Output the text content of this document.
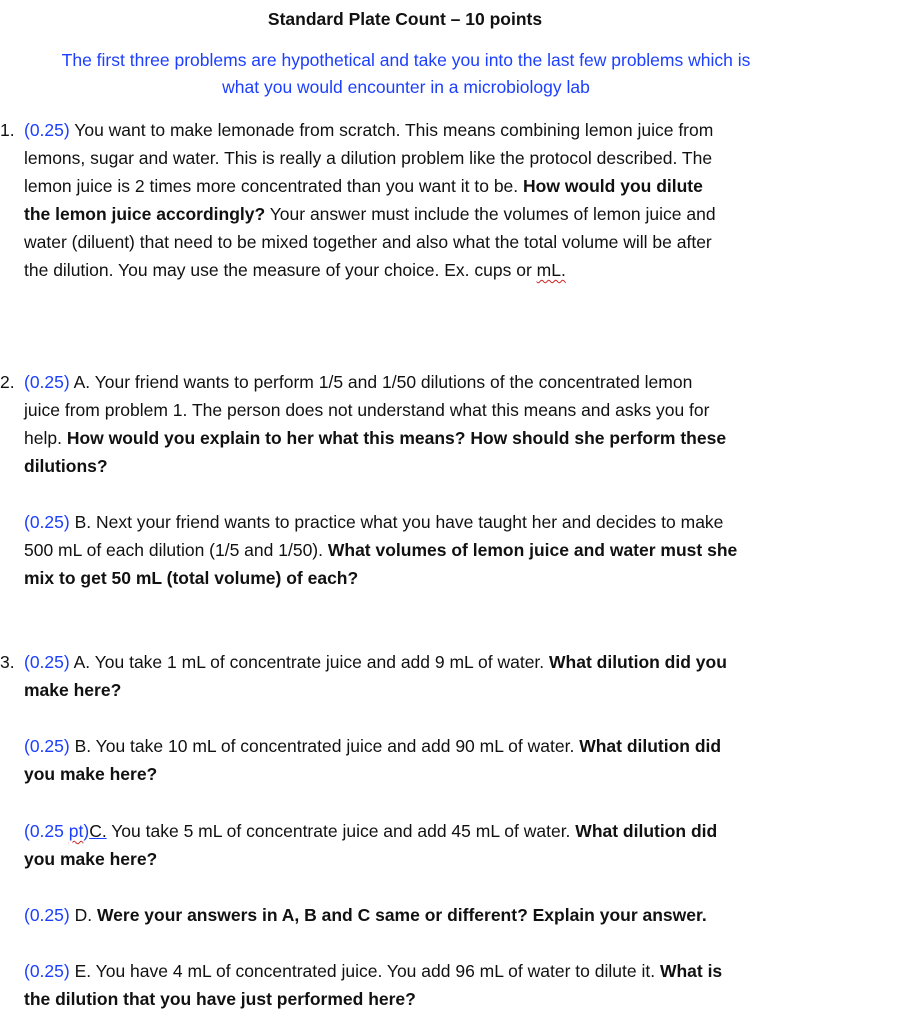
Standard Plate Count – 10 points
The first three problems are hypothetical and take you into the last few problems which is
what you would encounter in a microbiology lab
1. (0.25) You want to make lemonade from scratch. This means combining lemon juice from
lemons, sugar and water. This is really a dilution problem like the protocol described. The
lemon juice is 2 times more concentrated than you want it to be. How would you dilute
the lemon juice accordingly? Your answer must include the volumes of lemon juice and
water (diluent) that need to be mixed together and also what the total volume will be after
the dilution. You may use the measure of your choice. Ex. cups or mL.
2. (0.25) A. Your friend wants to perform 1/5 and 1/50 dilutions of the concentrated lemon
juice from problem 1. The person does not understand what this means and asks you for
help. How would you explain to her what this means? How should she perform these
dilutions?
(0.25) B. Next your friend wants to practice what you have taught her and decides to make
500 mL of each dilution (1/5 and 1/50). What volumes of lemon juice and water must she
mix to get 50 mL (total volume) of each?
3. (0.25) A. You take 1 mL of concentrate juice and add 9 mL of water. What dilution did you
make here?
(0.25) B. You take 10 mL of concentrated juice and add 90 mL of water. What dilution did
you make here?
(0.25 pt)C. You take 5 mL of concentrate juice and add 45 mL of water. What dilution did
you make here?
(0.25) D. Were your answers in A, B and C same or different? Explain your answer.
(0.25) E. You have 4 mL of concentrated juice. You add 96 mL of water to dilute it. What is
the dilution that you have just performed here?
